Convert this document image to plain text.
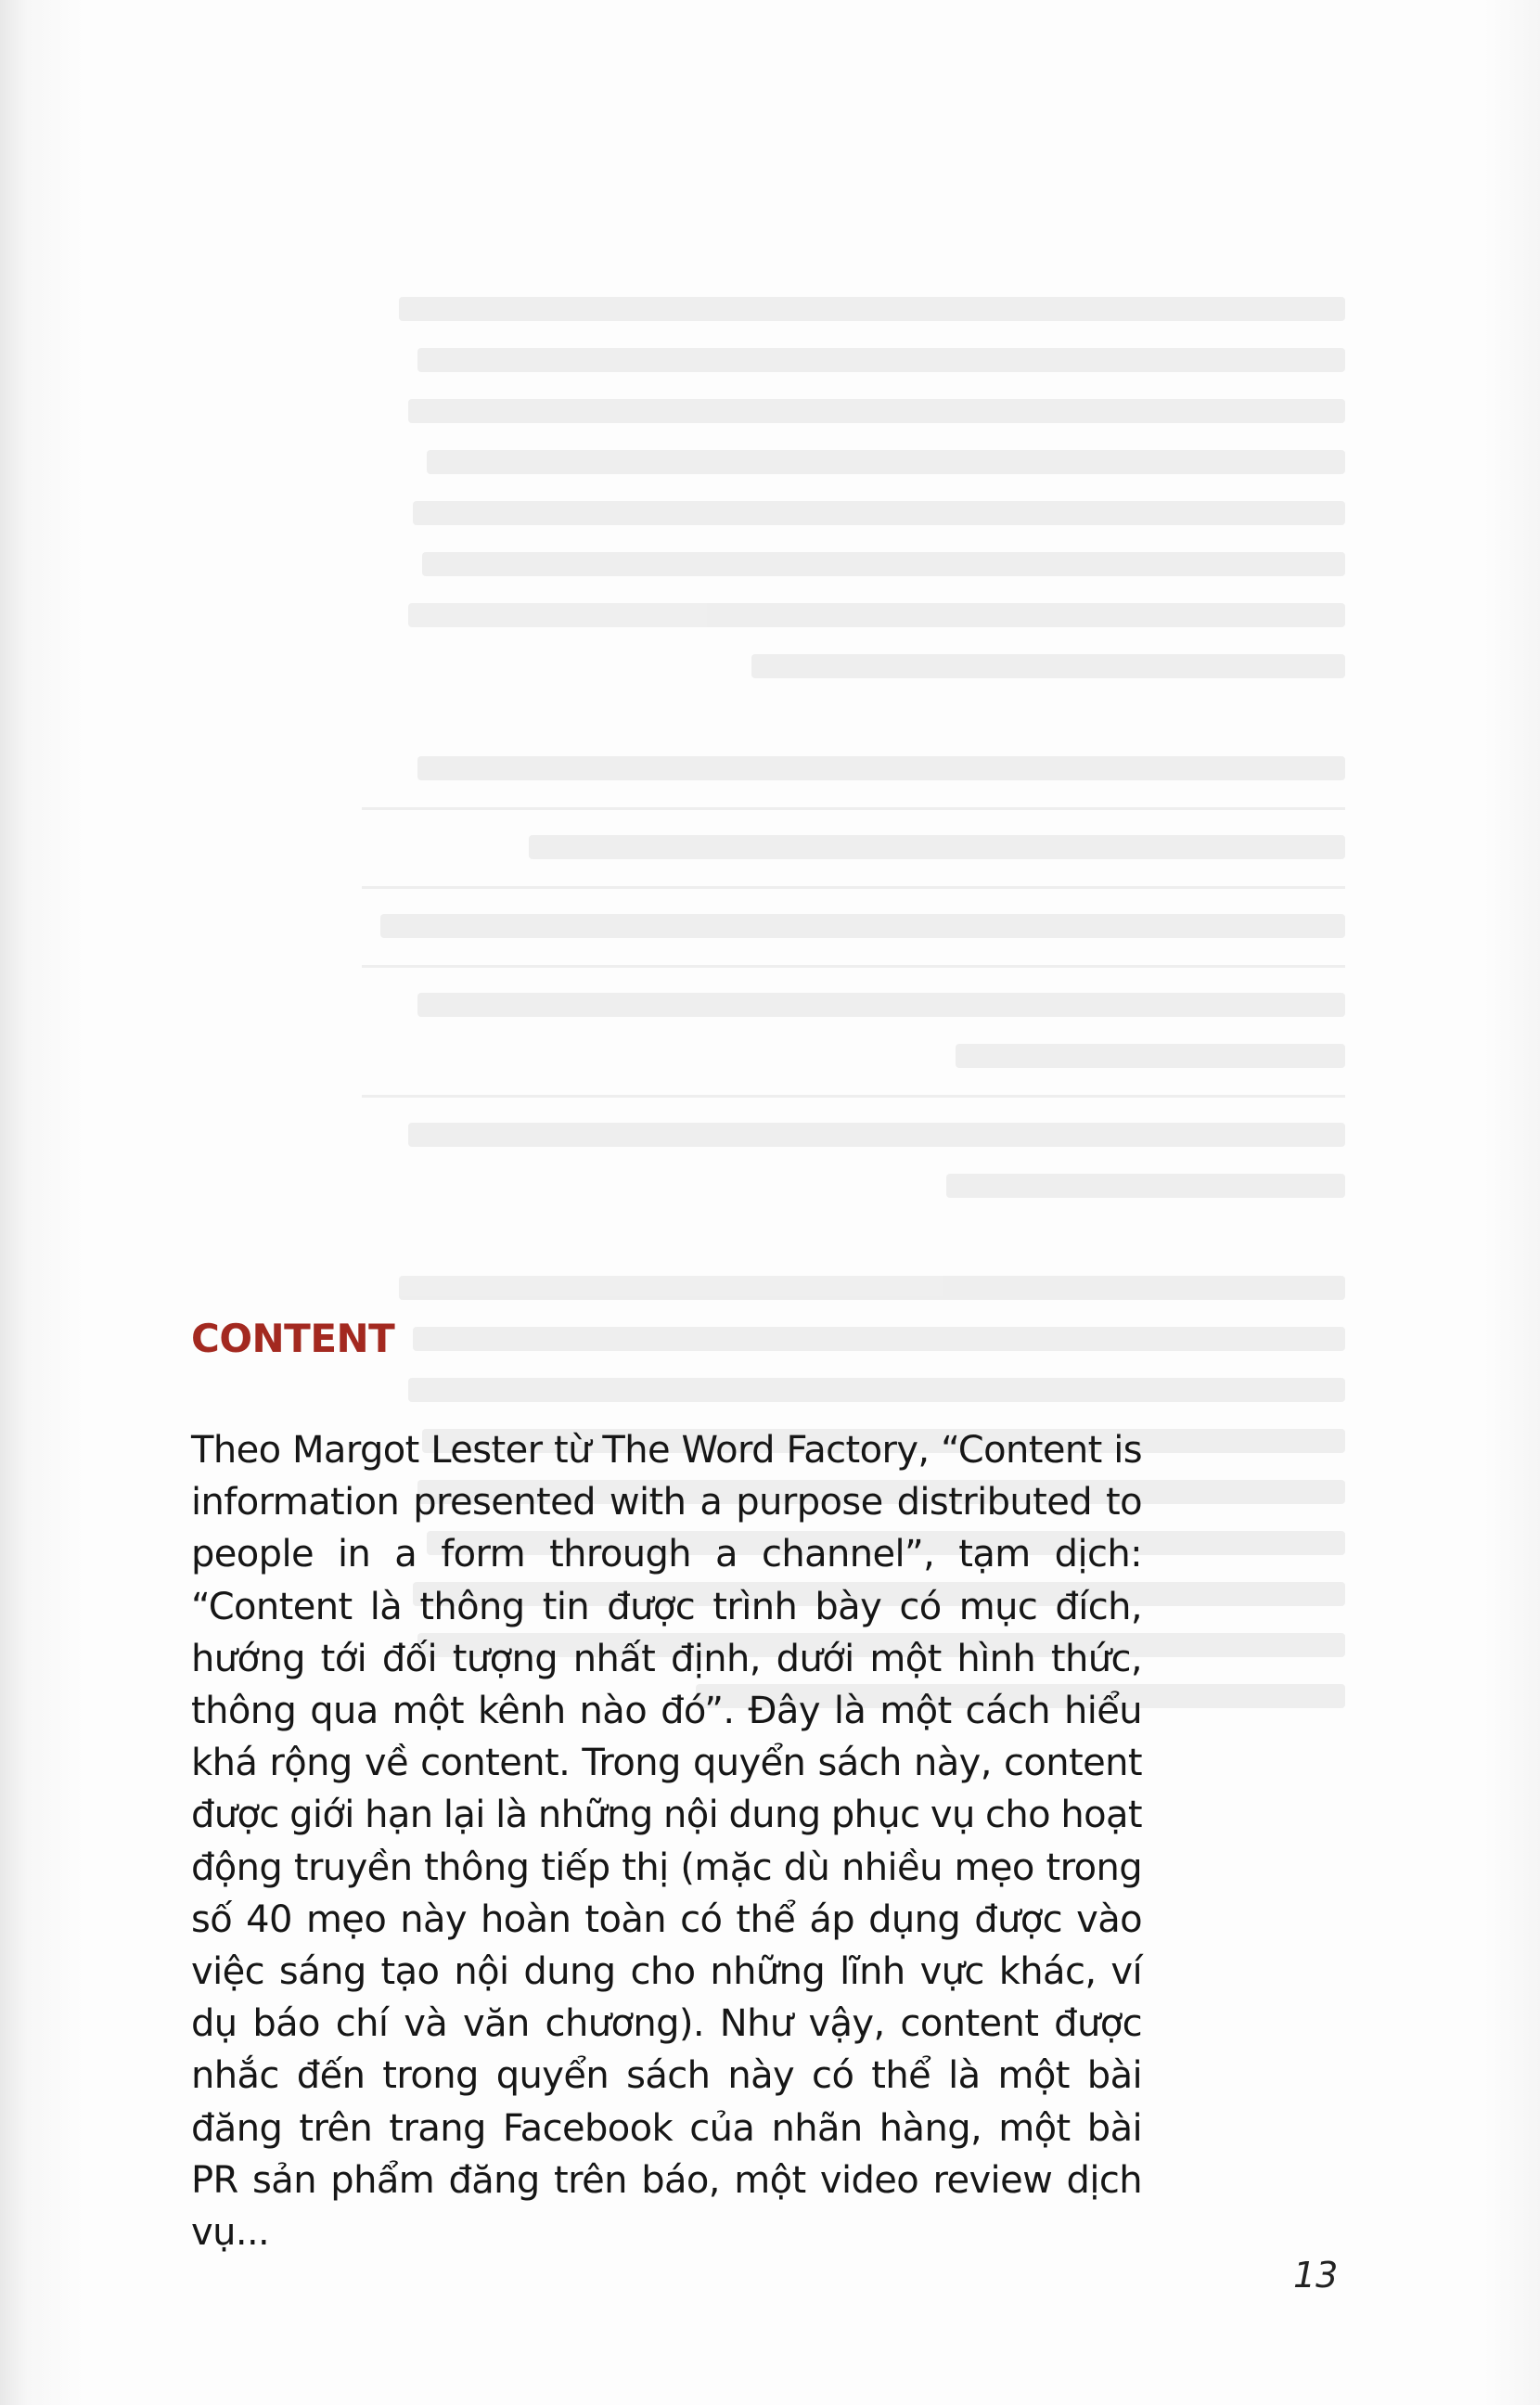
CONTENT

Theo Margot Lester từ The Word Factory, “Content is information presented with a purpose distributed to people in a form through a channel”, tạm dịch: “Content là thông tin được trình bày có mục đích, hướng tới đối tượng nhất định, dưới một hình thức, thông qua một kênh nào đó”. Đây là một cách hiểu khá rộng về content. Trong quyển sách này, content được giới hạn lại là những nội dung phục vụ cho hoạt động truyền thông tiếp thị (mặc dù nhiều mẹo trong số 40 mẹo này hoàn toàn có thể áp dụng được vào việc sáng tạo nội dung cho những lĩnh vực khác, ví dụ báo chí và văn chương). Như vậy, content được nhắc đến trong quyển sách này có thể là một bài đăng trên trang Facebook của nhãn hàng, một bài PR sản phẩm đăng trên báo, một video review dịch vụ...

13
